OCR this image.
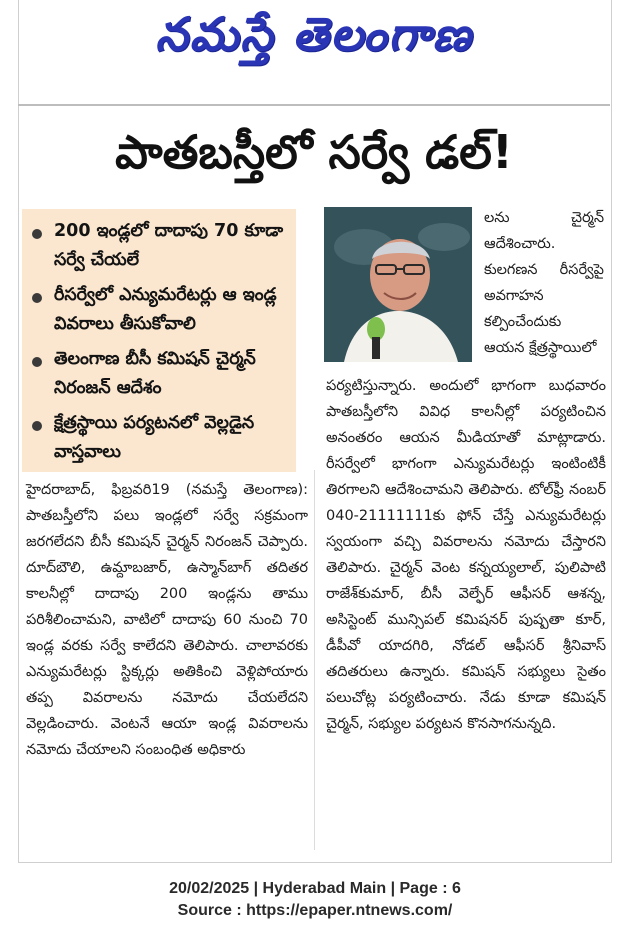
నమస్తే తెలంగాణ
పాతబస్తీలో సర్వే డల్!
200 ఇండ్లలో దాదాపు 70 కూడా సర్వే చేయలే
రీసర్వేలో ఎన్యుమరేటర్లు ఆ ఇండ్ల వివరాలు తీసుకోవాలి
తెలంగాణ బీసీ కమిషన్ చైర్మన్ నిరంజన్ ఆదేశం
క్షేత్రస్థాయి పర్యటనలో వెల్లడైన వాస్తవాలు
లను చైర్మన్ ఆదేశించారు. కులగణన రీసర్వేపై అవగాహన కల్పించేందుకు ఆయన క్షేత్రస్థాయిలో
పర్యటిస్తున్నారు. అందులో భాగంగా బుధవారం పాతబస్తీలోని వివిధ కాలనీల్లో పర్యటించిన అనంతరం ఆయన మీడియాతో మాట్లాడారు. రీసర్వేలో భాగంగా ఎన్యుమరేటర్లు ఇంటింటికీ తిరగాలని ఆదేశించామని తెలిపారు. టోల్‌ఫ్రీ నంబర్ 040-21111111కు ఫోన్ చేస్తే ఎన్యుమరేటర్లు స్వయంగా వచ్చి వివరాలను నమోదు చేస్తారని తెలిపారు. చైర్మన్ వెంట కన్నయ్యలాల్, పులిపాటి రాజేశ్‌కుమార్, బీసీ వెల్ఫేర్ ఆఫీసర్ ఆశన్న, అసిస్టెంట్ మున్సిపల్ కమిషనర్ పుష్పతా కూర్, డీపీవో యాదగిరి, నోడల్ ఆఫీసర్ శ్రీనివాస్ తదితరులు ఉన్నారు. కమిషన్ సభ్యులు సైతం పలుచోట్ల పర్యటించారు. నేడు కూడా కమిషన్ చైర్మన్, సభ్యుల పర్యటన కొనసాగనున్నది.
హైదరాబాద్, ఫిబ్రవరి19 (నమస్తే తెలంగాణ): పాతబస్తీలోని పలు ఇండ్లలో సర్వే సక్రమంగా జరగలేదని బీసీ కమిషన్ చైర్మన్ నిరంజన్ చెప్పారు. దూద్‌బౌలి, ఉమ్దాబజార్, ఉస్మాన్‌బాగ్ తదితర కాలనీల్లో దాదాపు 200 ఇండ్లను తాము పరిశీలించామని, వాటిలో దాదాపు 60 నుంచి 70 ఇండ్ల వరకు సర్వే కాలేదని తెలిపారు. చాలావరకు ఎన్యుమరేటర్లు స్టిక్కర్లు అతికించి వెళ్లిపోయారు తప్ప వివరాలను నమోదు చేయలేదని వెల్లడించారు. వెంటనే ఆయా ఇండ్ల వివరాలను నమోదు చేయాలని సంబంధిత అధికారు
20/02/2025 | Hyderabad Main | Page : 6
Source : https://epaper.ntnews.com/
